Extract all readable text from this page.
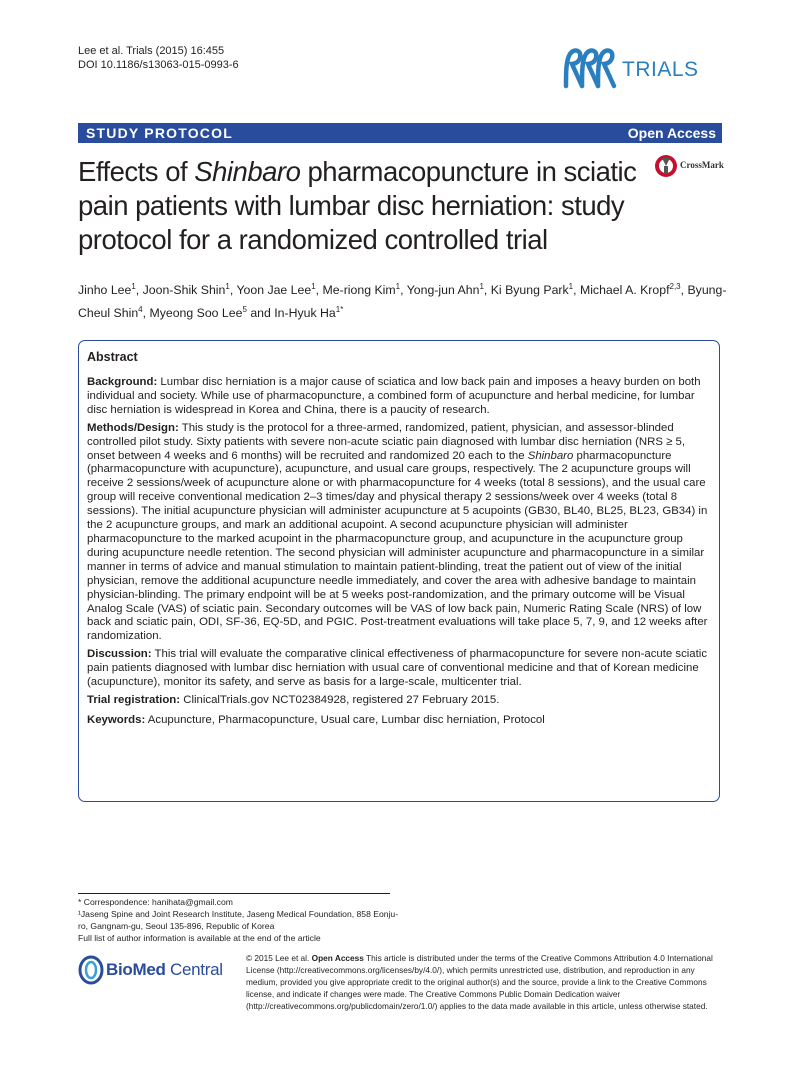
Lee et al. Trials (2015) 16:455
DOI 10.1186/s13063-015-0993-6	TRIALS
STUDY PROTOCOL	Open Access
Effects of Shinbaro pharmacopuncture in sciatic pain patients with lumbar disc herniation: study protocol for a randomized controlled trial
CrossMark
Jinho Lee$^1$, Joon-Shik Shin$^1$, Yoon Jae Lee$^1$, Me-riong Kim$^1$, Yong-jun Ahn$^1$, Ki Byung Park$^1$, Michael A. Kropf$^{2,3}$, Byung-Cheul Shin$^4$, Myeong Soo Lee$^5$ and In-Hyuk $Ha^{1*}$
Abstract

Background: Lumbar disc herniation is a major cause of sciatica and low back pain and imposes a heavy burden on both individual and society. While use of pharmacopuncture, a combined form of acupuncture and herbal medicine, for lumbar disc herniation is widespread in Korea and China, there is a paucity of research.

Methods/Design: This study is the protocol for a three-armed, randomized, patient, physician, and assessor-blinded controlled pilot study. Sixty patients with severe non-acute sciatic pain diagnosed with lumbar disc herniation (NRS ≥ 5, onset between 4 weeks and 6 months) will be recruited and randomized 20 each to the Shinbaro pharmacopuncture (pharmacopuncture with acupuncture), acupuncture, and usual care groups, respectively. The 2 acupuncture groups will receive 2 sessions/week of acupuncture alone or with pharmacopuncture for 4 weeks (total 8 sessions), and the usual care group will receive conventional medication 2–3 times/day and physical therapy 2 sessions/week over 4 weeks (total 8 sessions). The initial acupuncture physician will administer acupuncture at 5 acupoints (GB30, BL40, BL25, BL23, GB34) in the 2 acupuncture groups, and mark an additional acupoint. A second acupuncture physician will administer pharmacopuncture to the marked acupoint in the pharmacopuncture group, and acupuncture in the acupuncture group during acupuncture needle retention. The second physician will administer acupuncture and pharmacopuncture in a similar manner in terms of advice and manual stimulation to maintain patient-blinding, treat the patient out of view of the initial physician, remove the additional acupuncture needle immediately, and cover the area with adhesive bandage to maintain physician-blinding. The primary endpoint will be at 5 weeks post-randomization, and the primary outcome will be Visual Analog Scale (VAS) of sciatic pain. Secondary outcomes will be VAS of low back pain, Numeric Rating Scale (NRS) of low back and sciatic pain, ODI, SF-36, EQ-5D, and PGIC. Post-treatment evaluations will take place 5, 7, 9, and 12 weeks after randomization.

Discussion: This trial will evaluate the comparative clinical effectiveness of pharmacopuncture for severe non-acute sciatic pain patients diagnosed with lumbar disc herniation with usual care of conventional medicine and that of Korean medicine (acupuncture), monitor its safety, and serve as basis for a large-scale, multicenter trial.

Trial registration: ClinicalTrials.gov NCT02384928, registered 27 February 2015.

Keywords: Acupuncture, Pharmacopuncture, Usual care, Lumbar disc herniation, Protocol

* Correspondence: hanihata@gmail.com

¹Jaseng Spine and Joint Research Institute, Jaseng Medical Foundation, 858 Eonju-ro, Gangnam-gu, Seoul 135-896, Republic of Korea

Full list of author information is available at the end of the article

BioMed Central
© 2015 Lee et al. Open Access This article is distributed under the terms of the Creative Commons Attribution 4.0 International License (http://creativecommons.org/licenses/by/4.0/), which permits unrestricted use, distribution, and reproduction in any medium, provided you give appropriate credit to the original author(s) and the source, provide a link to the Creative Commons license, and indicate if changes were made. The Creative Commons Public Domain Dedication waiver (http://creativecommons.org/publicdomain/zero/1.0/) applies to the data made available in this article, unless otherwise stated.
